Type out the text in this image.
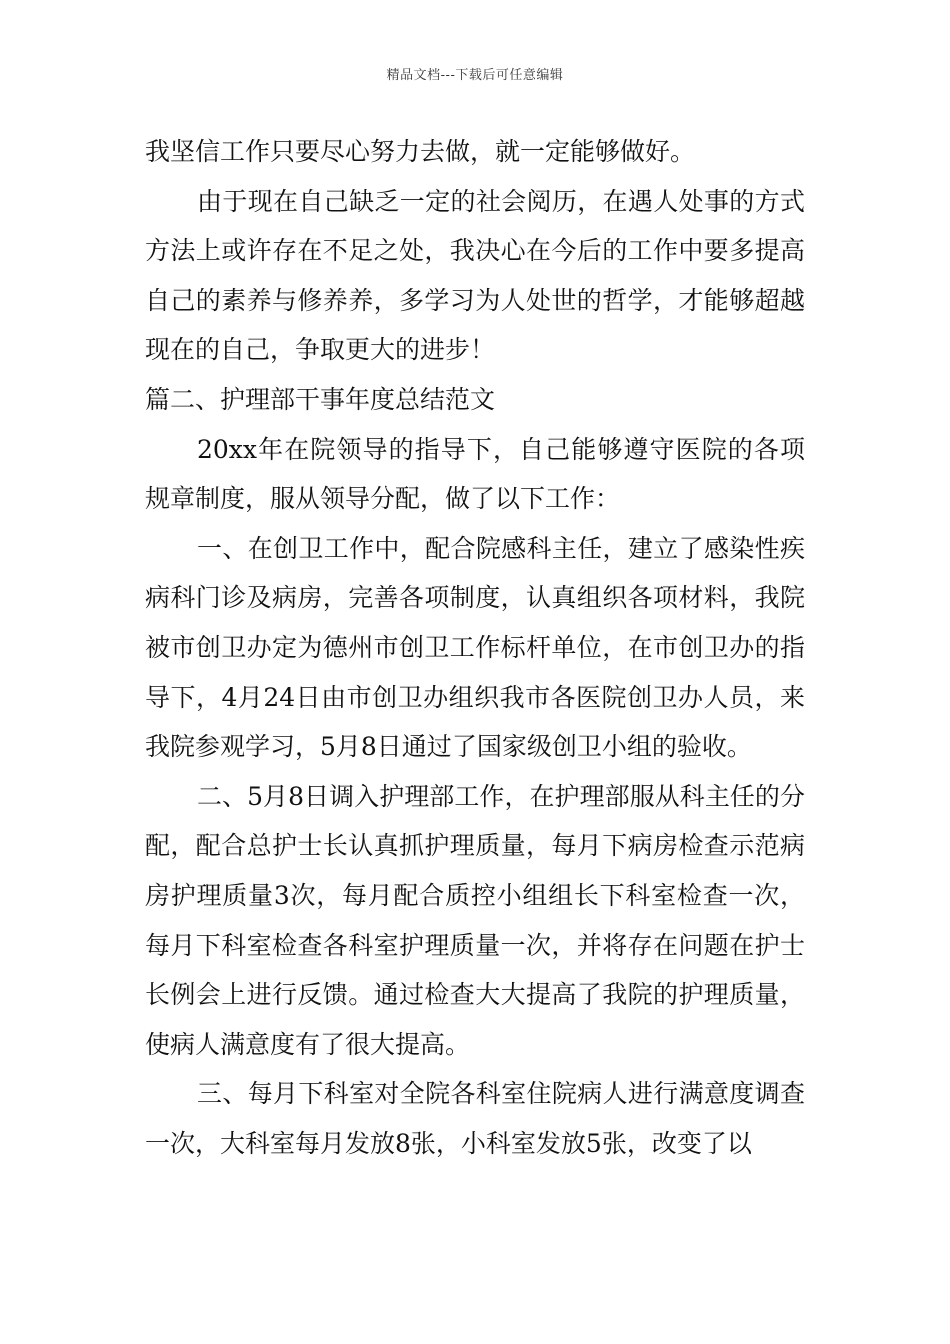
精品文档---下载后可任意编辑

我坚信工作只要尽心努力去做，就一定能够做好。

由于现在自己缺乏一定的社会阅历，在遇人处事的方式方法上或许存在不足之处，我决心在今后的工作中要多提高自己的素养与修养养，多学习为人处世的哲学，才能够超越现在的自己，争取更大的进步！

篇二、护理部干事年度总结范文

20xx年在院领导的指导下，自己能够遵守医院的各项规章制度，服从领导分配，做了以下工作：

一、在创卫工作中，配合院感科主任，建立了感染性疾病科门诊及病房，完善各项制度，认真组织各项材料，我院被市创卫办定为德州市创卫工作标杆单位，在市创卫办的指导下，4月24日由市创卫办组织我市各医院创卫办人员，来我院参观学习，5月8日通过了国家级创卫小组的验收。

二、5月8日调入护理部工作，在护理部服从科主任的分配，配合总护士长认真抓护理质量，每月下病房检查示范病房护理质量3次，每月配合质控小组组长下科室检查一次，每月下科室检查各科室护理质量一次，并将存在问题在护士长例会上进行反馈。通过检查大大提高了我院的护理质量，使病人满意度有了很大提高。

三、每月下科室对全院各科室住院病人进行满意度调查一次，大科室每月发放8张，小科室发放5张，改变了以
